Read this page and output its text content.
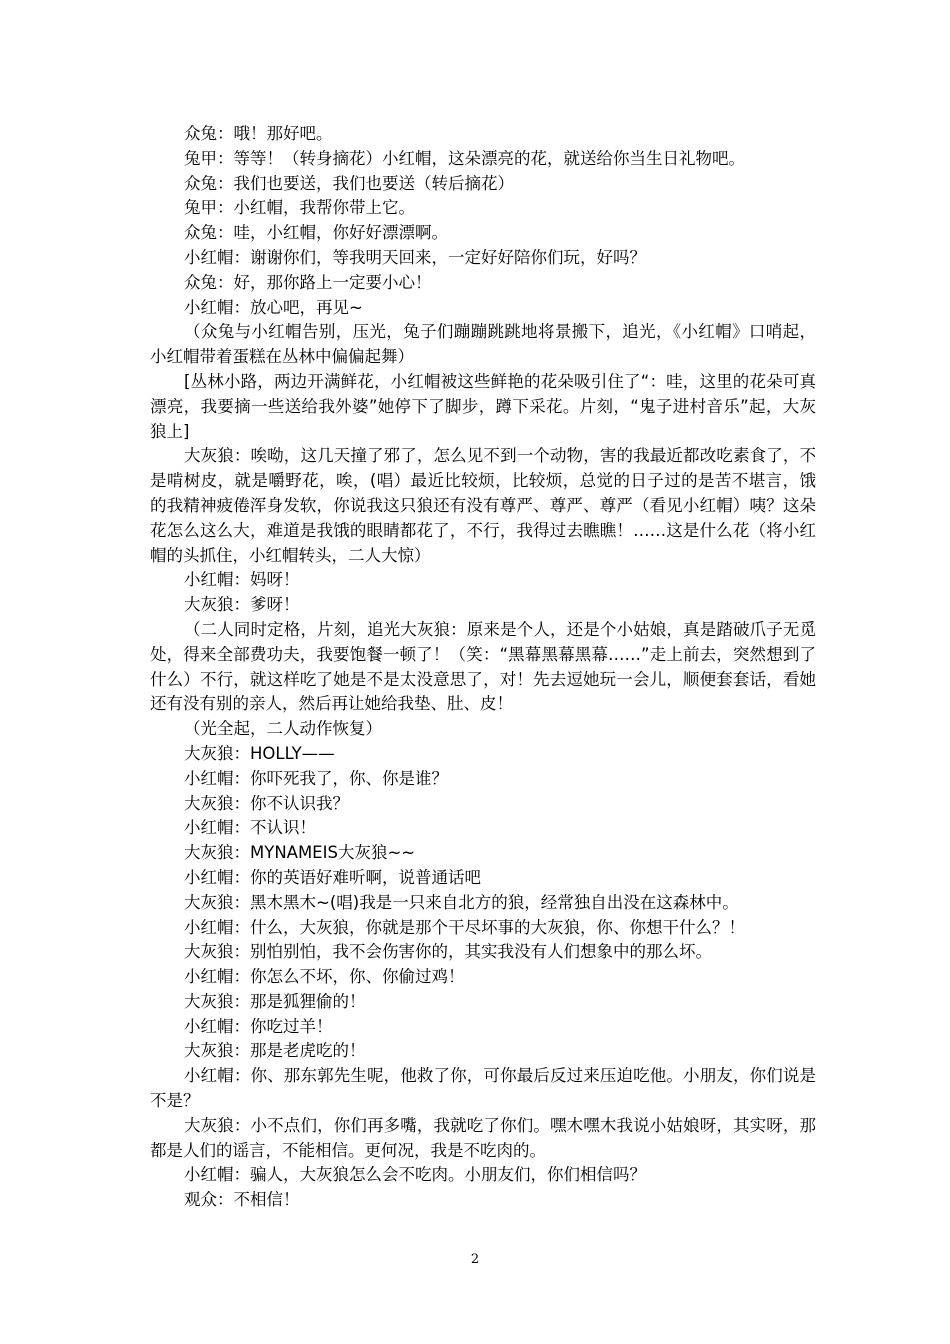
众兔：哦！那好吧。

兔甲：等等！（转身摘花）小红帽，这朵漂亮的花，就送给你当生日礼物吧。

众兔：我们也要送，我们也要送（转后摘花）

兔甲：小红帽，我帮你带上它。

众兔：哇，小红帽，你好好漂漂啊。

小红帽：谢谢你们，等我明天回来，一定好好陪你们玩，好吗？

众兔：好，那你路上一定要小心！

小红帽：放心吧，再见~

（众兔与小红帽告别，压光，兔子们蹦蹦跳跳地将景搬下，追光，《小红帽》口哨起，小红帽带着蛋糕在丛林中偏偏起舞）

[丛林小路，两边开满鲜花，小红帽被这些鲜艳的花朵吸引住了“：哇，这里的花朵可真漂亮，我要摘一些送给我外婆”她停下了脚步，蹲下采花。片刻，“鬼子进村音乐”起，大灰狼上]

大灰狼：唉呦，这几天撞了邪了，怎么见不到一个动物，害的我最近都改吃素食了，不是啃树皮，就是嚼野花，唉，(唱）最近比较烦，比较烦，总觉的日子过的是苦不堪言，饿的我精神疲倦浑身发软，你说我这只狼还有没有尊严、尊严、尊严（看见小红帽）咦？这朵花怎么这么大，难道是我饿的眼睛都花了，不行，我得过去瞧瞧！……这是什么花（将小红帽的头抓住，小红帽转头，二人大惊）

小红帽：妈呀！

大灰狼：爹呀！

（二人同时定格，片刻，追光大灰狼：原来是个人，还是个小姑娘，真是踏破爪子无觅处，得来全部费功夫，我要饱餐一顿了！（笑：“黑幕黑幕黑幕……”走上前去，突然想到了什么）不行，就这样吃了她是不是太没意思了，对！先去逗她玩一会儿，顺便套套话，看她还有没有别的亲人，然后再让她给我垫、肚、皮！

（光全起，二人动作恢复）

大灰狼：HOLLY——

小红帽：你吓死我了，你、你是谁？

大灰狼：你不认识我？

小红帽：不认识！

大灰狼：MYNAMEIS大灰狼~~

小红帽：你的英语好难听啊，说普通话吧

大灰狼：黑木黑木~(唱)我是一只来自北方的狼，经常独自出没在这森林中。

小红帽：什么，大灰狼，你就是那个干尽坏事的大灰狼，你、你想干什么？！

大灰狼：别怕别怕，我不会伤害你的，其实我没有人们想象中的那么坏。

小红帽：你怎么不坏，你、你偷过鸡！

大灰狼：那是狐狸偷的！

小红帽：你吃过羊！

大灰狼：那是老虎吃的！

小红帽：你、那东郭先生呢，他救了你，可你最后反过来压迫吃他。小朋友，你们说是不是？

大灰狼：小不点们，你们再多嘴，我就吃了你们。嘿木嘿木我说小姑娘呀，其实呀，那都是人们的谣言，不能相信。更何况，我是不吃肉的。

小红帽：骗人，大灰狼怎么会不吃肉。小朋友们，你们相信吗？

观众：不相信！

2
